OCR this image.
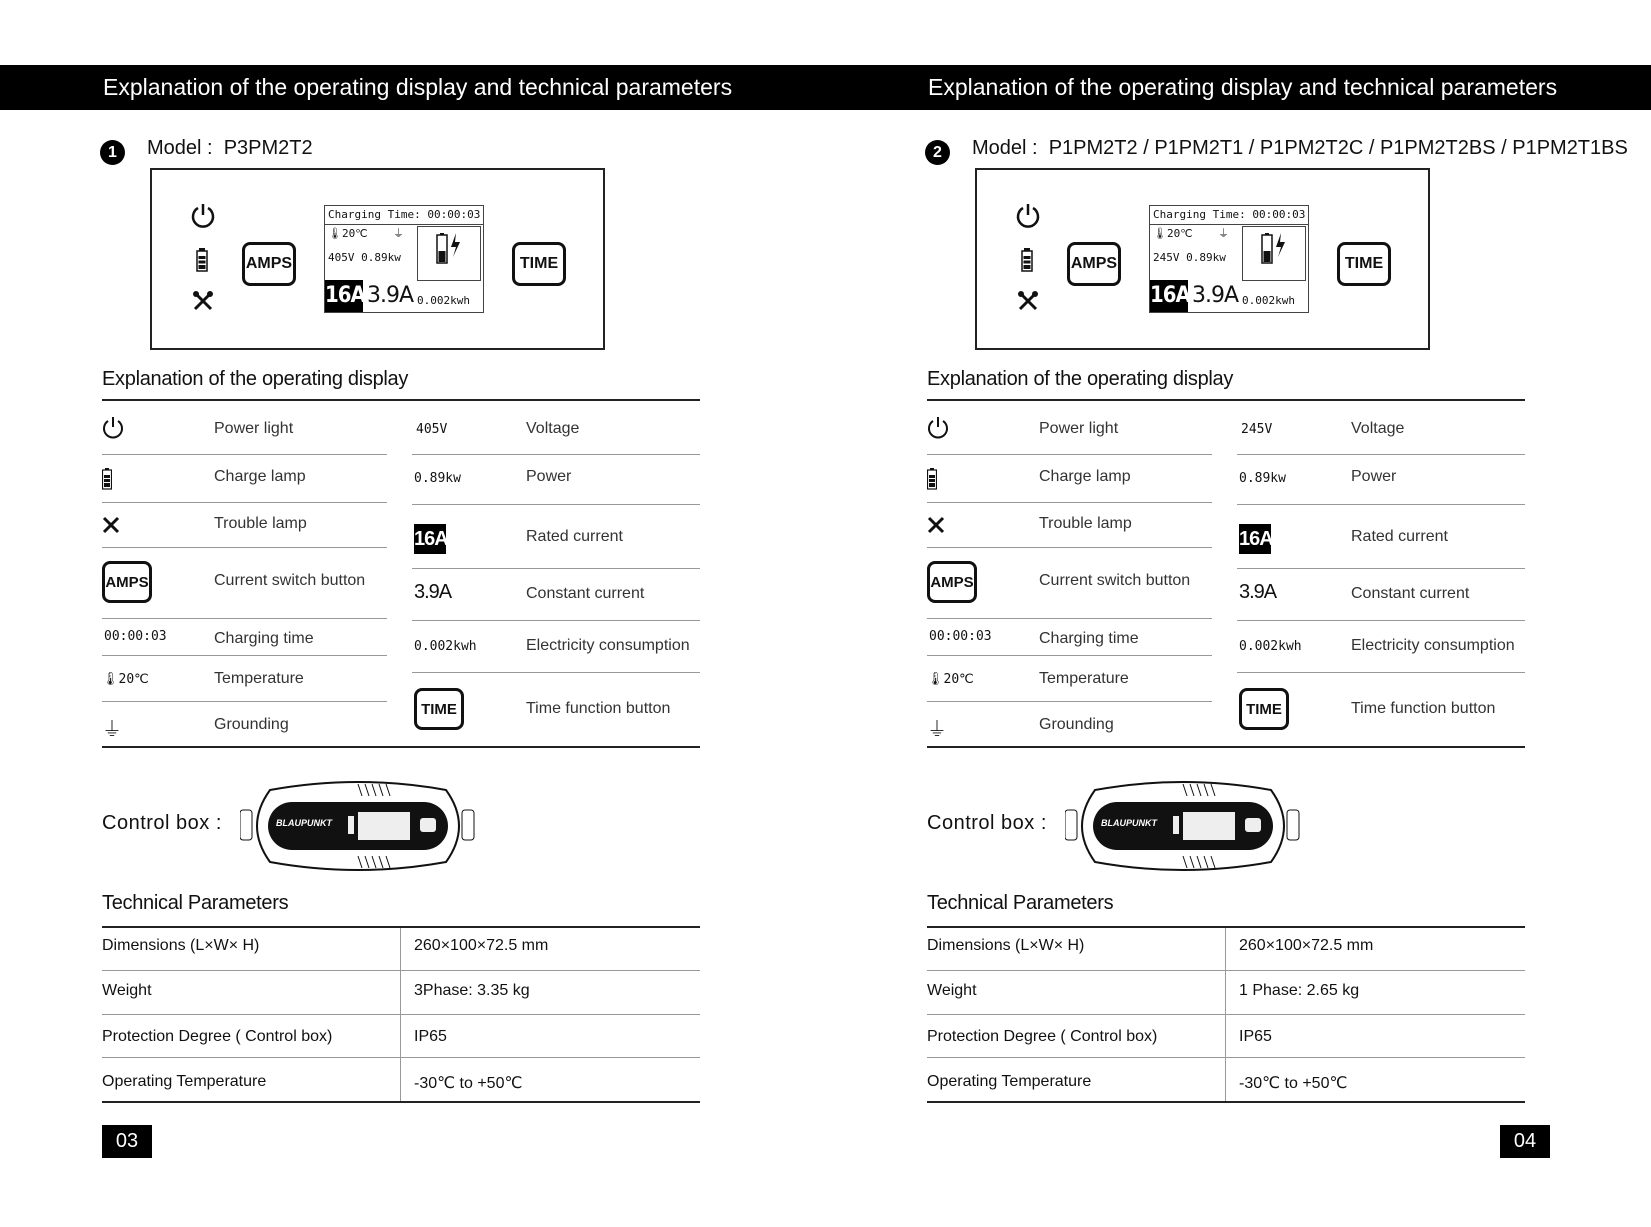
Explanation of the operating display and technical parameters
1 Model : P3PM2T2
AMPS
Charging Time: 00:00:03
🌡20℃ ⏚
405V 0.89kw
16A 3.9A 0.002kwh
TIME
Explanation of the operating display
Power light
Charge lamp
Trouble lamp
AMPS	Current switch button
00:00:03	Charging time
🌡20℃	Temperature
⏚	Grounding
405V	Voltage
0.89kw	Power
16A	Rated current
3.9A	Constant current
0.002kwh	Electricity consumption
TIME	Time function button
Control box :	BLAUPUNKT
Technical Parameters
Dimensions (L×W× H)	260×100×72.5 mm
Weight	3Phase: 3.35 kg
Protection Degree ( Control box)	IP65
Operating Temperature	-30℃ to +50℃
03
Explanation of the operating display and technical parameters
2 Model : P1PM2T2 / P1PM2T1 / P1PM2T2C / P1PM2T2BS / P1PM2T1BS
AMPS
Charging Time: 00:00:03
🌡20℃ ⏚
245V 0.89kw
16A 3.9A 0.002kwh
TIME
Explanation of the operating display
Power light
Charge lamp
Trouble lamp
AMPS	Current switch button
00:00:03	Charging time
🌡20℃	Temperature
⏚	Grounding
245V	Voltage
0.89kw	Power
16A	Rated current
3.9A	Constant current
0.002kwh	Electricity consumption
TIME	Time function button
Control box :	BLAUPUNKT
Technical Parameters
Dimensions (L×W× H)	260×100×72.5 mm
Weight	1 Phase: 2.65 kg
Protection Degree ( Control box)	IP65
Operating Temperature	-30℃ to +50℃
04
